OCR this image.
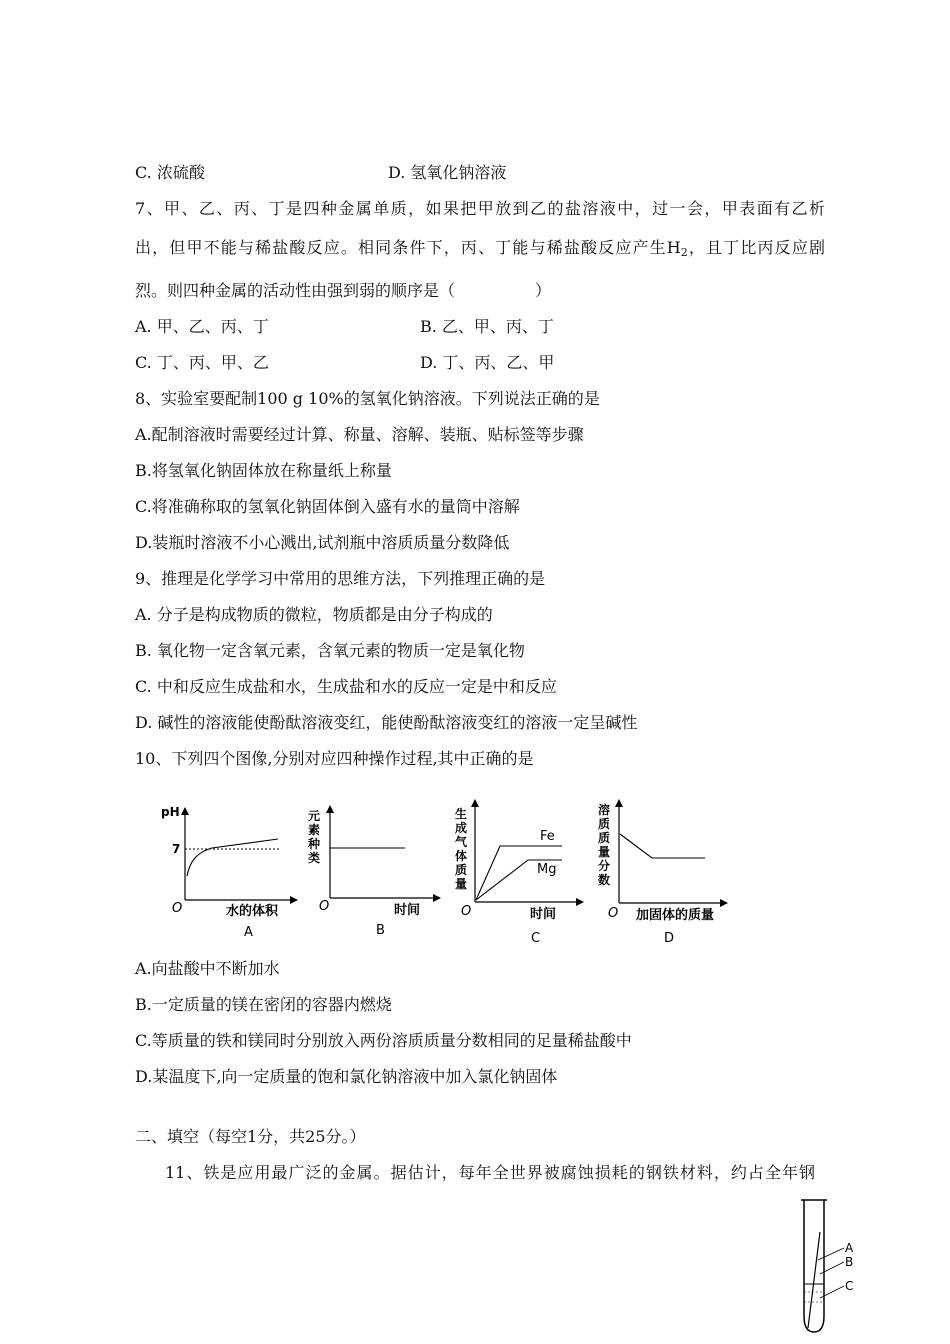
C. 浓硫酸	D. 氢氧化钠溶液
7、甲、乙、丙、丁是四种金属单质，如果把甲放到乙的盐溶液中，过一会，甲表面有乙析
出，但甲不能与稀盐酸反应。相同条件下，丙、丁能与稀盐酸反应产生$H_2$，且丁比丙反应剧
烈。则四种金属的活动性由强到弱的顺序是（　　　　　）
A. 甲、乙、丙、丁	B. 乙、甲、丙、丁
C. 丁、丙、甲、乙	D. 丁、丙、乙、甲
8、实验室要配制100 g 10%的氢氧化钠溶液。下列说法正确的是
A.配制溶液时需要经过计算、称量、溶解、装瓶、贴标签等步骤
B.将氢氧化钠固体放在称量纸上称量
C.将准确称取的氢氧化钠固体倒入盛有水的量筒中溶解
D.装瓶时溶液不小心溅出,试剂瓶中溶质质量分数降低
9、推理是化学学习中常用的思维方法，下列推理正确的是
A. 分子是构成物质的微粒，物质都是由分子构成的
B. 氧化物一定含氧元素，含氧元素的物质一定是氧化物
C. 中和反应生成盐和水，生成盐和水的反应一定是中和反应
D. 碱性的溶液能使酚酞溶液变红，能使酚酞溶液变红的溶液一定呈碱性
10、下列四个图像,分别对应四种操作过程,其中正确的是
pH
7
O	水的体积
A
元素种类
O	时间
B
生成气体质量
Fe
Mg
O	时间
C
溶质质量分数
O 加固体的质量
D
A.向盐酸中不断加水
B.一定质量的镁在密闭的容器内燃烧
C.等质量的铁和镁同时分别放入两份溶质质量分数相同的足量稀盐酸中
D.某温度下,向一定质量的饱和氯化钠溶液中加入氯化钠固体
二、填空（每空1分，共25分。）
11、铁是应用最广泛的金属。据估计，每年全世界被腐蚀损耗的钢铁材料，约占全年钢
A
B
C
